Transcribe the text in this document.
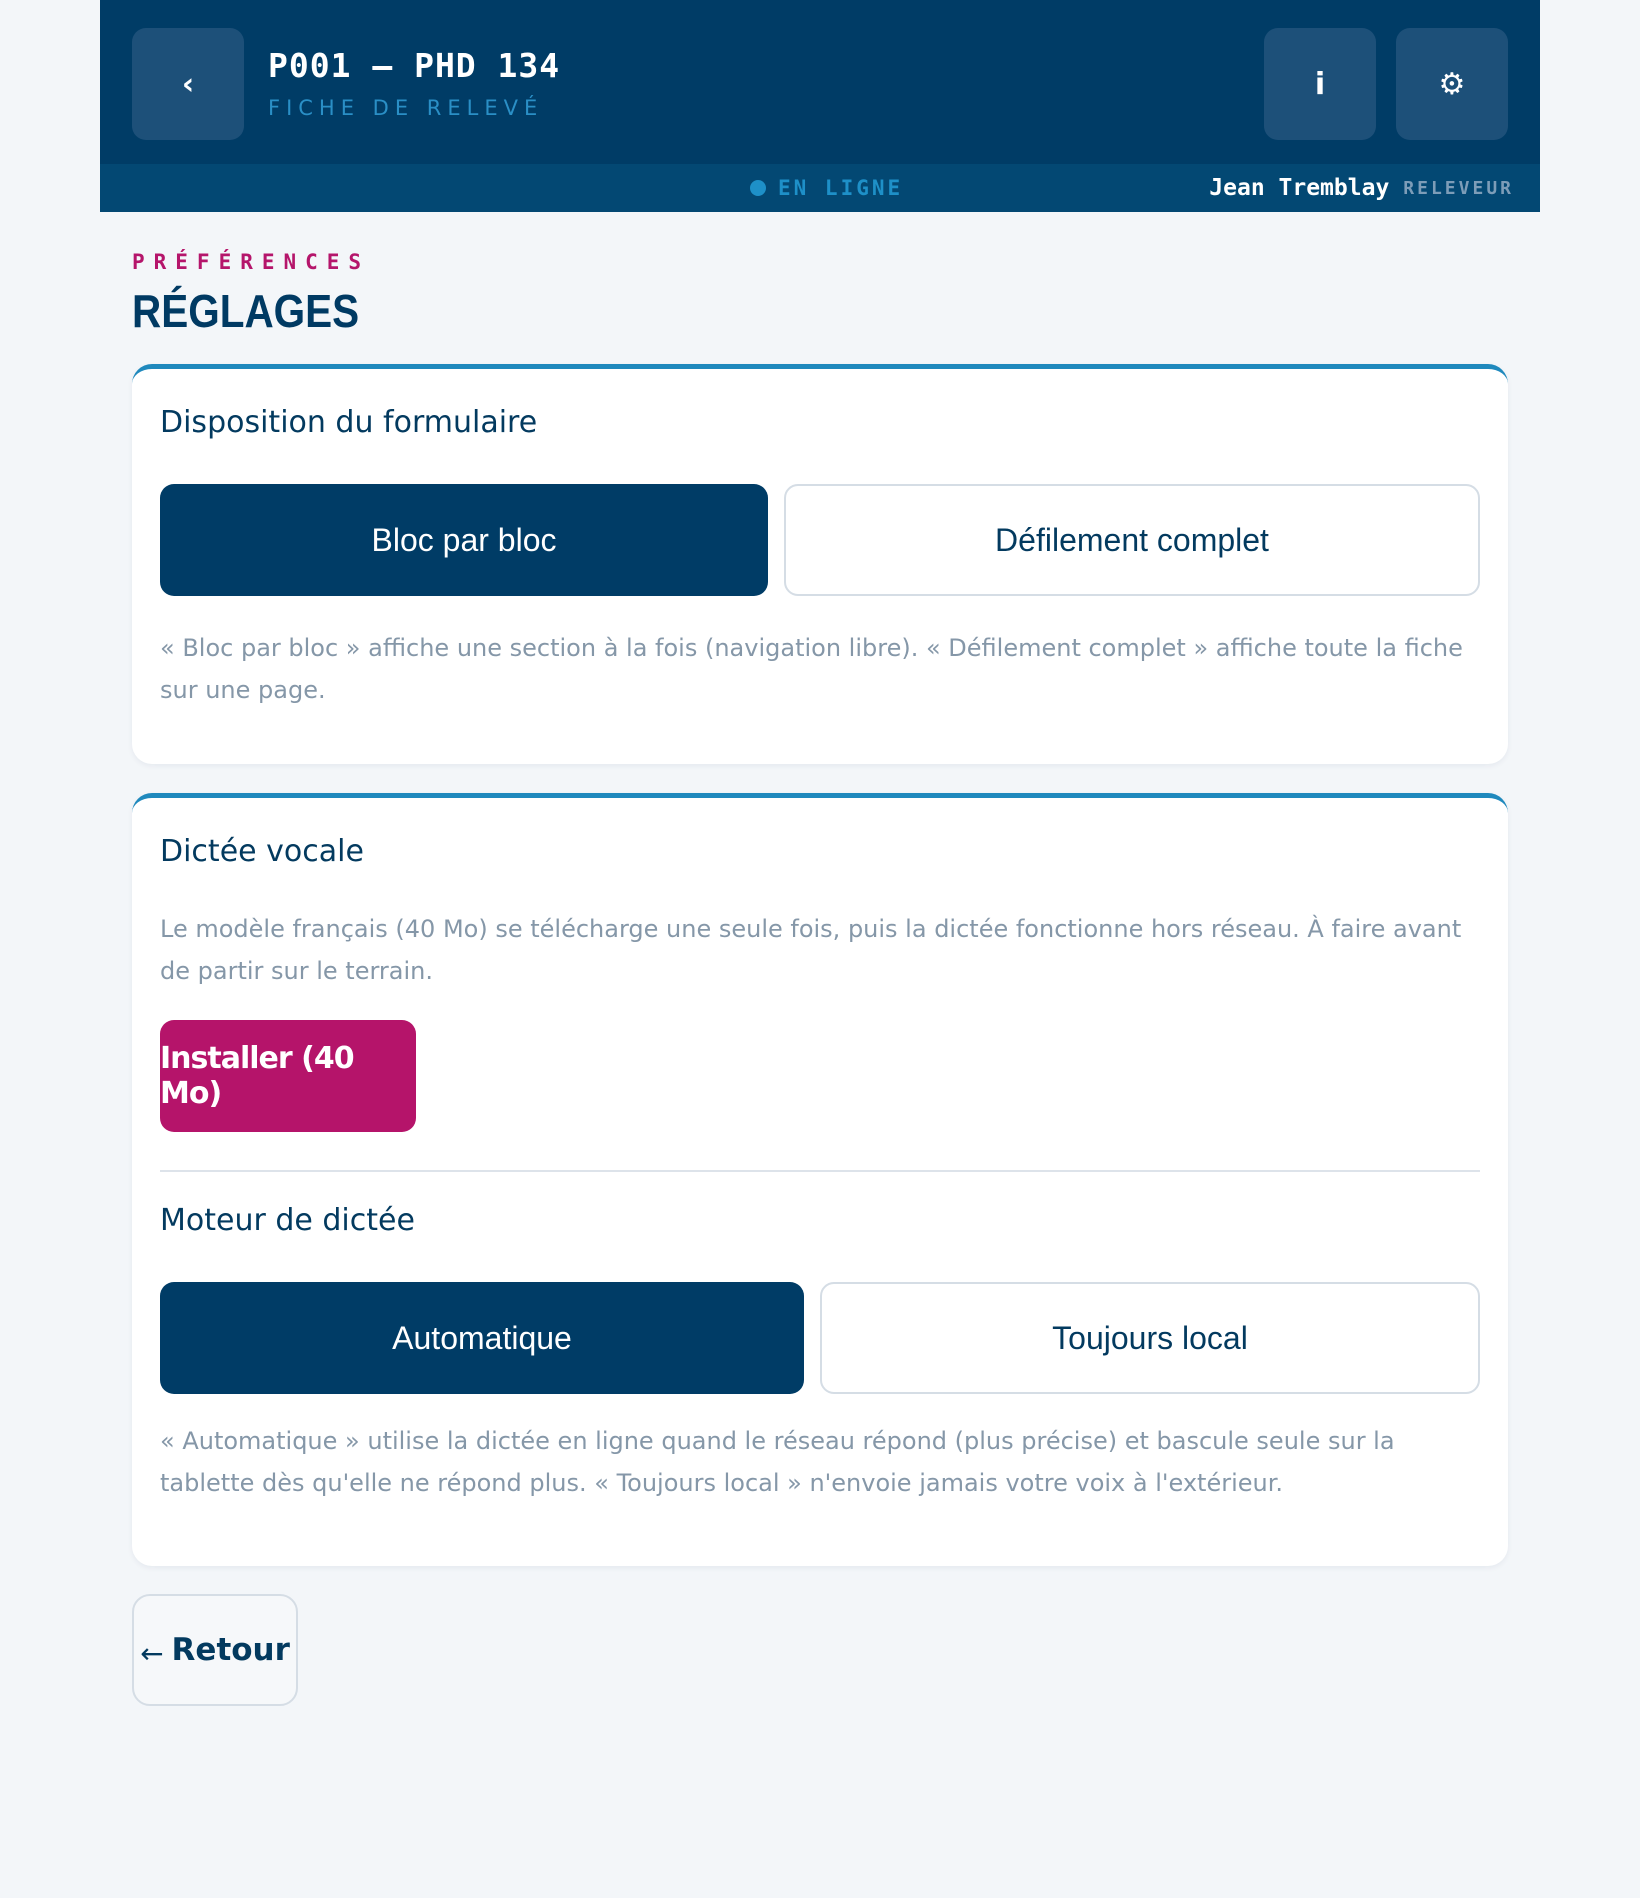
‹ P001 — PHD 134
FICHE DE RELEVÉ
i	⚙
EN LIGNE	Jean Tremblay RELEVEUR
PRÉFÉRENCES
RÉGLAGES
Disposition du formulaire
Bloc par bloc	Défilement complet
« Bloc par bloc » affiche une section à la fois (navigation libre). « Défilement complet » affiche toute la fiche sur une page.
Dictée vocale
Le modèle français (40 Mo) se télécharge une seule fois, puis la dictée fonctionne hors réseau. À faire avant de partir sur le terrain.
Installer (40 Mo)
Moteur de dictée
Automatique	Toujours local
« Automatique » utilise la dictée en ligne quand le réseau répond (plus précise) et bascule seule sur la tablette dès qu'elle ne répond plus. « Toujours local » n'envoie jamais votre voix à l'extérieur.
← Retour
